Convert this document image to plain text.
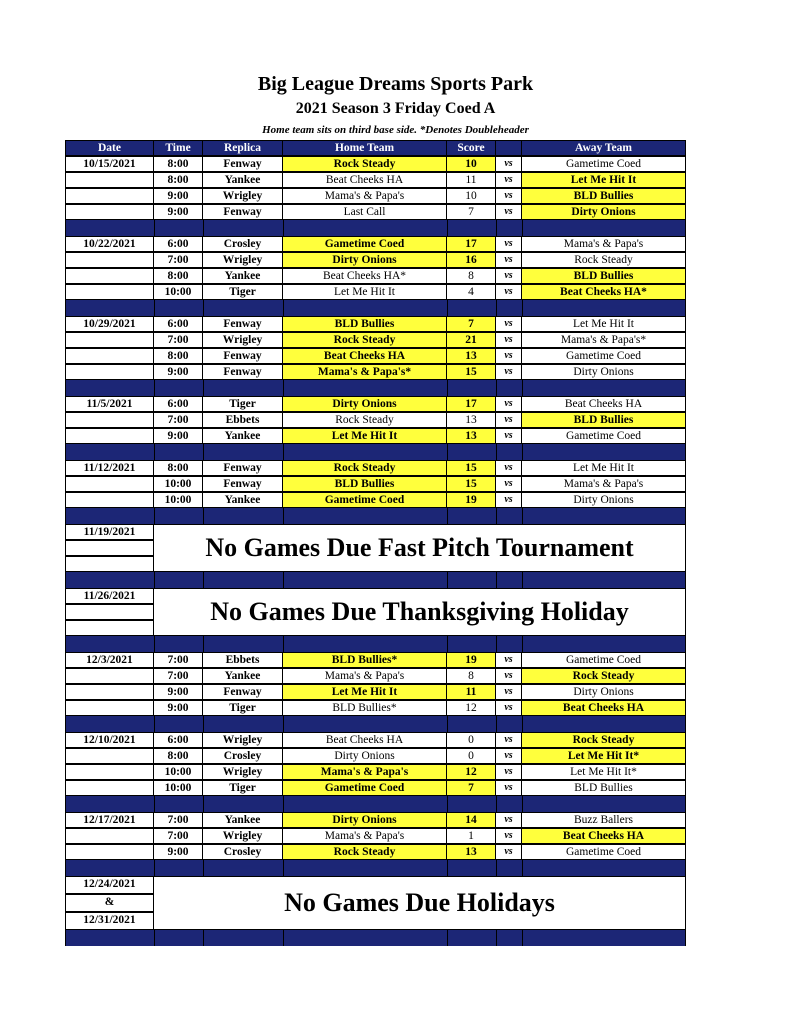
Big League Dreams Sports Park
2021 Season 3 Friday Coed A
Home team sits on third base side. *Denotes Doubleheader
Date	Time	Replica	Home Team	Score	Away Team
10/15/2021	8:00	Fenway	Rock Steady	10	vs	Gametime Coed
8:00	Yankee	Beat Cheeks HA	11	vs	Let Me Hit It
9:00	Wrigley	Mama's & Papa's	10	vs	BLD Bullies
9:00	Fenway	Last Call	7	vs	Dirty Onions
10/22/2021	6:00	Crosley	Gametime Coed	17	vs	Mama's & Papa's
7:00	Wrigley	Dirty Onions	16	vs	Rock Steady
8:00	Yankee	Beat Cheeks HA*	8	vs	BLD Bullies
10:00	Tiger	Let Me Hit It	4	vs	Beat Cheeks HA*
10/29/2021	6:00	Fenway	BLD Bullies	7	vs	Let Me Hit It
7:00	Wrigley	Rock Steady	21	vs	Mama's & Papa's*
8:00	Fenway	Beat Cheeks HA	13	vs	Gametime Coed
9:00	Fenway	Mama's & Papa's*	15	vs	Dirty Onions
11/5/2021	6:00	Tiger	Dirty Onions	17	vs	Beat Cheeks HA
7:00	Ebbets	Rock Steady	13	vs	BLD Bullies
9:00	Yankee	Let Me Hit It	13	vs	Gametime Coed
11/12/2021	8:00	Fenway	Rock Steady	15	vs	Let Me Hit It
10:00	Fenway	BLD Bullies	15	vs	Mama's & Papa's
10:00	Yankee	Gametime Coed	19	vs	Dirty Onions
11/19/2021
No Games Due Fast Pitch Tournament
11/26/2021
No Games Due Thanksgiving Holiday
12/3/2021	7:00	Ebbets	BLD Bullies*	19	vs	Gametime Coed
7:00	Yankee	Mama's & Papa's	8	vs	Rock Steady
9:00	Fenway	Let Me Hit It	11	vs	Dirty Onions
9:00	Tiger	BLD Bullies*	12	vs	Beat Cheeks HA
12/10/2021	6:00	Wrigley	Beat Cheeks HA	0	vs	Rock Steady
8:00	Crosley	Dirty Onions	0	vs	Let Me Hit It*
10:00	Wrigley	Mama's & Papa's	12	vs	Let Me Hit It*
10:00	Tiger	Gametime Coed	7	vs	BLD Bullies
12/17/2021	7:00	Yankee	Dirty Onions	14	vs	Buzz Ballers
7:00	Wrigley	Mama's & Papa's	1	vs	Beat Cheeks HA
9:00	Crosley	Rock Steady	13	vs	Gametime Coed
12/24/2021
&
12/31/2021
No Games Due Holidays
